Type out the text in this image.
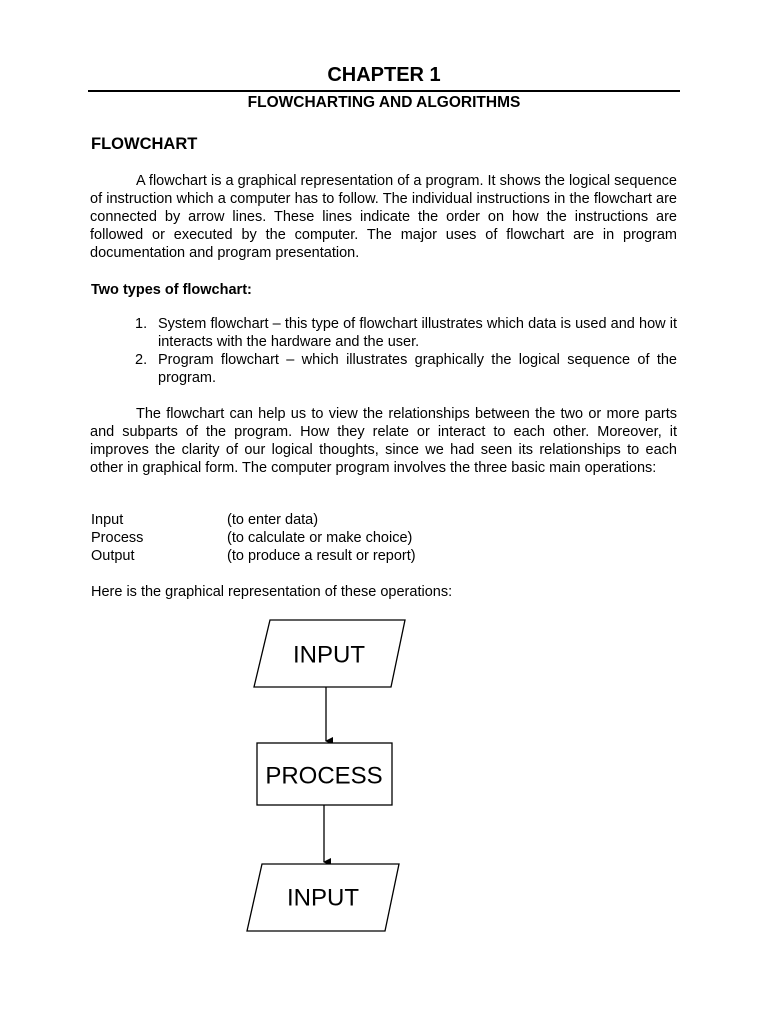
CHAPTER 1
FLOWCHARTING AND ALGORITHMS
FLOWCHART

A flowchart is a graphical representation of a program. It shows the logical sequence of instruction which a computer has to follow. The individual instructions in the flowchart are connected by arrow lines. These lines indicate the order on how the instructions are followed or executed by the computer. The major uses of flowchart are in program documentation and program presentation.

Two types of flowchart:
1. System flowchart – this type of flowchart illustrates which data is used and how it interacts with the hardware and the user.
2. Program flowchart – which illustrates graphically the logical sequence of the program.

The flowchart can help us to view the relationships between the two or more parts and subparts of the program. How they relate or interact to each other. Moreover, it improves the clarity of our logical thoughts, since we had seen its relationships to each other in graphical form. The computer program involves the three basic main operations:

Input	(to enter data)
Process	(to calculate or make choice)
Output	(to produce a result or report)
Here is the graphical representation of these operations:
INPUT
PROCESS
INPUT
